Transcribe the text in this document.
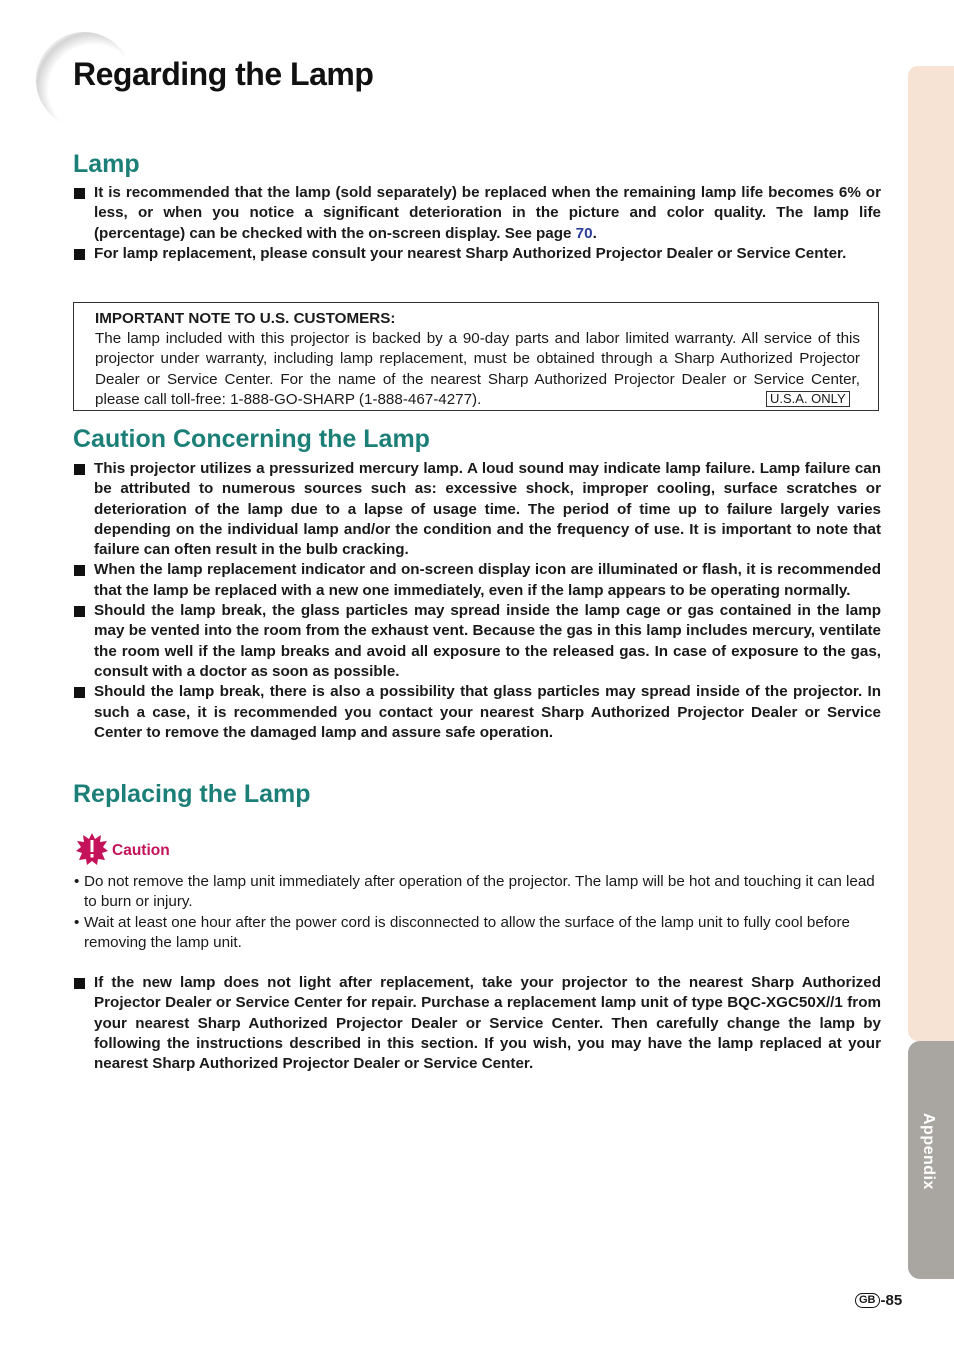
Regarding the Lamp
Appendix
Lamp
It is recommended that the lamp (sold separately) be replaced when the remaining lamp life becomes 6% or less, or when you notice a significant deterioration in the picture and color quality. The lamp life (percentage) can be checked with the on-screen display. See page 70.
For lamp replacement, please consult your nearest Sharp Authorized Projector Dealer or Service Center.
IMPORTANT NOTE TO U.S. CUSTOMERS:
The lamp included with this projector is backed by a 90-day parts and labor limited warranty. All service of this projector under warranty, including lamp replacement, must be obtained through a Sharp Authorized Projector Dealer or Service Center. For the name of the nearest Sharp Authorized Projector Dealer or Service Center, please call toll-free: 1-888-GO-SHARP (1-888-467-4277).	U.S.A. ONLY
Caution Concerning the Lamp
This projector utilizes a pressurized mercury lamp. A loud sound may indicate lamp failure. Lamp failure can be attributed to numerous sources such as: excessive shock, improper cooling, surface scratches or deterioration of the lamp due to a lapse of usage time. The period of time up to failure largely varies depending on the individual lamp and/or the condition and the frequency of use. It is important to note that failure can often result in the bulb cracking.
When the lamp replacement indicator and on-screen display icon are illuminated or flash, it is recommended that the lamp be replaced with a new one immediately, even if the lamp appears to be operating normally.
Should the lamp break, the glass particles may spread inside the lamp cage or gas contained in the lamp may be vented into the room from the exhaust vent. Because the gas in this lamp includes mercury, ventilate the room well if the lamp breaks and avoid all exposure to the released gas. In case of exposure to the gas, consult with a doctor as soon as possible.
Should the lamp break, there is also a possibility that glass particles may spread inside of the projector. In such a case, it is recommended you contact your nearest Sharp Authorized Projector Dealer or Service Center to remove the damaged lamp and assure safe operation.
Replacing the Lamp
Caution
• Do not remove the lamp unit immediately after operation of the projector. The lamp will be hot and touching it can lead to burn or injury.
• Wait at least one hour after the power cord is disconnected to allow the surface of the lamp unit to fully cool before removing the lamp unit.
If the new lamp does not light after replacement, take your projector to the nearest Sharp Authorized Projector Dealer or Service Center for repair. Purchase a replacement lamp unit of type BQC-XGC50X//1 from your nearest Sharp Authorized Projector Dealer or Service Center. Then carefully change the lamp by following the instructions described in this section. If you wish, you may have the lamp replaced at your nearest Sharp Authorized Projector Dealer or Service Center.
GB -85
